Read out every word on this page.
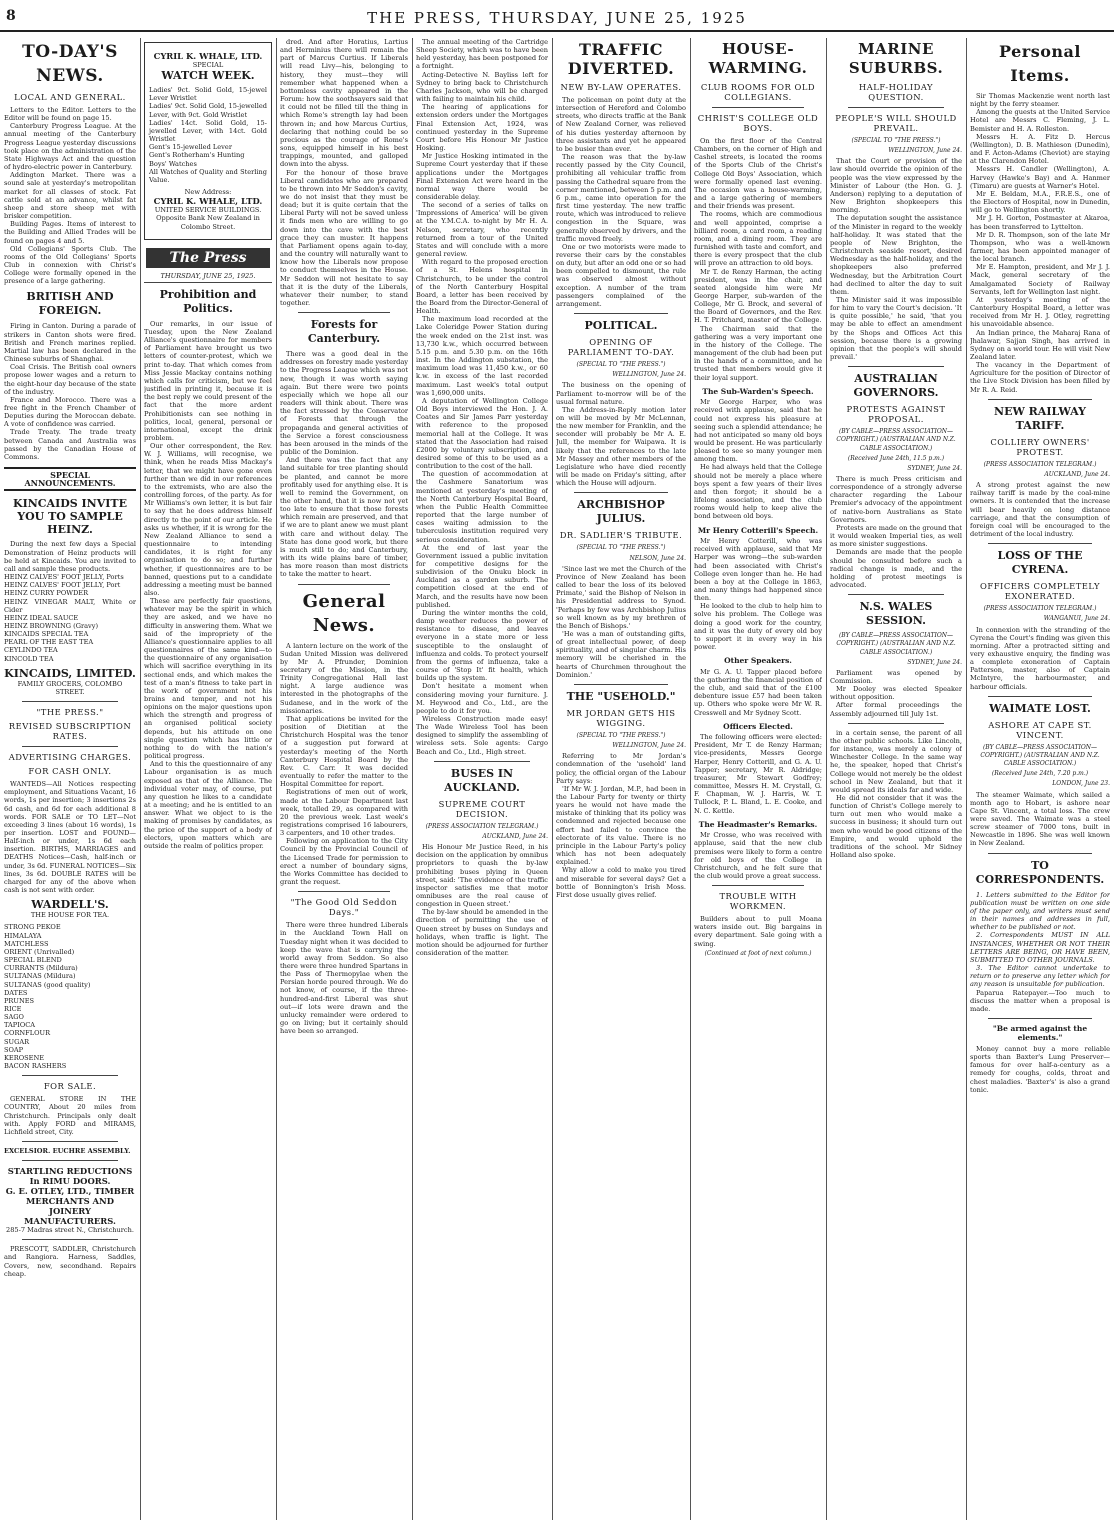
8	THE PRESS, THURSDAY, JUNE 25, 1925
TO-DAY'S NEWS.
LOCAL AND GENERAL.

Letters to the Editor. Letters to the Editor will be found on page 15.

Canterbury Progress League. At the annual meeting of the Canterbury Progress League yesterday discussions took place on the administration of the State Highways Act and the question of hydro-electric power in Canterbury.

Addington Market. There was a sound sale at yesterday's metropolitan market for all classes of stock. Fat cattle sold at an advance, whilst fat sheep and store sheep met with brisker competition.

Building Pages. Items of interest to the Building and Allied Trades will be found on pages 4 and 5.

Old Collegians' Sports Club. The rooms of the Old Collegians' Sports Club in connexion with Christ's College were formally opened in the presence of a large gathering.

BRITISH AND FOREIGN.

Firing in Canton. During a parade of strikers in Canton shots were fired. British and French marines replied. Martial law has been declared in the Chinese suburbs of Shanghai.

Coal Crisis. The British coal owners propose lower wages and a return to the eight-hour day because of the state of the industry.

France and Morocco. There was a free fight in the French Chamber of Deputies during the Moroccan debate. A vote of confidence was carried.

Trade Treaty. The trade treaty between Canada and Australia was passed by the Canadian House of Commons.

SPECIAL ANNOUNCEMENTS.
KINCAIDS INVITE YOU TO SAMPLE HEINZ.

During the next few days a Special Demonstration of Heinz products will be held at Kincaids. You are invited to call and sample these products.

HEINZ CALVES' FOOT JELLY, Ports
HEINZ CALVES' FOOT JELLY, Port
HEINZ CURRY POWDER
HEINZ VINEGAR MALT, White or Cider
HEINZ IDEAL SAUCE
HEINZ BROWNING (Gravy)
KINCAIDS SPECIAL TEA
PEARL OF THE EAST TEA
CEYLINDO TEA
KINCOLD TEA
KINCAIDS, LIMITED.
FAMILY GROCERS, COLOMBO STREET.
"THE PRESS."
REVISED SUBSCRIPTION RATES.
ADVERTISING CHARGES.
FOR CASH ONLY.

WANTEDS—All Notices respecting employment, and Situations Vacant, 16 words, 1s per insertion; 3 insertions 2s 6d cash, and 6d for each additional 8 words. FOR SALE or TO LET—Not exceeding 3 lines (about 16 words), 1s per insertion. LOST and FOUND—Half-inch or under, 1s 6d each insertion. BIRTHS, MARRIAGES and DEATHS Notices—Cash, half-inch or under, 3s 6d. FUNERAL NOTICES—Six lines, 3s 6d. DOUBLE RATES will be charged for any of the above when cash is not sent with order.

WARDELL'S.
THE HOUSE FOR TEA.
STRONG PEKOE
HIMALAYA
MATCHLESS
ORIENT (Unrivalled)
SPECIAL BLEND
CURRANTS (Mildura)
SULTANAS (Mildura)
SULTANAS (good quality)
DATES
PRUNES
RICE
SAGO
TAPIOCA
CORNFLOUR
SUGAR
SOAP
KEROSENE
BACON RASHERS
FOR SALE.

GENERAL STORE IN THE COUNTRY, About 20 miles from Christchurch. Principals only dealt with. Apply FORD and MIRAMS, Lichfield street, City.

EXCELSIOR. EUCHRE ASSEMBLY.
STARTLING REDUCTIONS In RIMU DOORS.
G. E. OTLEY, LTD., TIMBER MERCHANTS AND JOINERY MANUFACTURERS.
285-7 Madras street N., Christchurch.

PRESCOTT, SADDLER, Christchurch and Rangiora. Harness, Saddles, Covers, new, secondhand. Repairs cheap.

CYRIL K. WHALE, LTD.
SPECIAL
WATCH WEEK.
Ladies' 9ct. Solid Gold, 15-jewel Lever Wristlet
Ladies' 9ct. Solid Gold, 15-jewelled Lever, with 9ct. Gold Wristlet
Ladies' 14ct. Solid Gold, 15-jewelled Lever, with 14ct. Gold Wristlet
Gent's 15-jewelled Lever
Gent's Rotherham's Hunting
Boys' Watches
All Watches of Quality and Sterling Value.
New Address:
CYRIL K. WHALE, LTD.
UNITED SERVICE BUILDINGS.
Opposite Bank New Zealand in Colombo Street.
The Press
THURSDAY, JUNE 25, 1925.
Prohibition and Politics.

Our remarks, in our issue of Tuesday, upon the New Zealand Alliance's questionnaire for members of Parliament have brought us two letters of counter-protest, which we print to-day. That which comes from Miss Jessie Mackay contains nothing which calls for criticism, but we feel justified in printing it, because it is the best reply we could present of the fact that the more ardent Prohibitionists can see nothing in politics, local, general, personal or international, except the drink problem.

Our other correspondent, the Rev. W. J. Williams, will recognise, we think, when he reads Miss Mackay's letter, that we might have gone even further than we did in our references to the extremists, who are also the controlling forces, of the party. As for Mr Williams's own letter, it is but fair to say that he does address himself directly to the point of our article. He asks us whether, if it is wrong for the New Zealand Alliance to send a questionnaire to intending candidates, it is right for any organisation to do so; and further whether, if questionnaires are to be banned, questions put to a candidate addressing a meeting must be banned also.

These are perfectly fair questions, whatever may be the spirit in which they are asked, and we have no difficulty in answering them. What we said of the impropriety of the Alliance's questionnaire applies to all questionnaires of the same kind—to the questionnaire of any organisation which will sacrifice everything in its sectional ends, and which makes the test of a man's fitness to take part in the work of government not his brains and temper, and not his opinions on the major questions upon which the strength and progress of an organised political society depends, but his attitude on one single question which has little or nothing to do with the nation's political progress.

And to this the questionnaire of any Labour organisation is as much exposed as that of the Alliance. The individual voter may, of course, put any question he likes to a candidate at a meeting; and he is entitled to an answer. What we object to is the making of promises by candidates, as the price of the support of a body of electors, upon matters which are outside the realm of politics proper.

dred. And after Horatius, Lartius and Herminius there will remain the part of Marcus Curtius. If Liberals will read Livy—his, belonging to history, they must—they will remember what happened when a bottomless cavity appeared in the Forum: how the soothsayers said that it could not be filled till the thing in which Rome's strength lay had been thrown in; and how Marcus Curtius, declaring that nothing could be so precious as the courage of Rome's sons, equipped himself in his best trappings, mounted, and galloped down into the abyss.

For the honour of those brave Liberal candidates who are prepared to be thrown into Mr Seddon's cavity, we do not insist that they must be dead; but it is quite certain that the Liberal Party will not be saved unless it finds men who are willing to go down into the cave with the best grace they can muster. It happens that Parliament opens again to-day, and the country will naturally want to know how the Liberals now propose to conduct themselves in the House. Mr Seddon will not hesitate to say that it is the duty of the Liberals, whatever their number, to stand together.

Forests for Canterbury.

There was a good deal in the addresses on forestry made yesterday to the Progress League which was not new, though it was worth saying again. But there were two points especially which we hope all our readers will think about. There was the fact stressed by the Conservator of Forests that through the propaganda and general activities of the Service a forest consciousness has been aroused in the minds of the public of the Dominion.

And there was the fact that any land suitable for tree planting should be planted, and cannot be more profitably used for anything else. It is well to remind the Government, on the other hand, that it is now not yet too late to ensure that those forests which remain are preserved, and that if we are to plant anew we must plant with care and without delay. The State has done good work, but there is much still to do; and Canterbury, with its wide plains bare of timber, has more reason than most districts to take the matter to heart.

General News.

A lantern lecture on the work of the Sudan United Mission was delivered by Mr A. Pfrunder, Dominion secretary of the Mission, in the Trinity Congregational Hall last night. A large audience was interested in the photographs of the Sudanese, and in the work of the missionaries.

That applications be invited for the position of Dietitian at the Christchurch Hospital was the tenor of a suggestion put forward at yesterday's meeting of the North Canterbury Hospital Board by the Rev. C. Carr. It was decided eventually to refer the matter to the Hospital Committee for report.

Registrations of men out of work, made at the Labour Department last week, totalled 29, as compared with 20 the previous week. Last week's registrations comprised 16 labourers, 3 carpenters, and 10 other trades.

Following on application to the City Council by the Provincial Council of the Licensed Trade for permission to erect a number of boundary signs, the Works Committee has decided to grant the request.

"The Good Old Seddon Days."

There were three hundred Liberals in the Auckland Town Hall on Tuesday night when it was decided to keep the wave that is carrying the world away from Seddon. So also there were three hundred Spartans in the Pass of Thermopylae when the Persian horde poured through. We do not know, of course, if the three-hundred-and-first Liberal was shut out—if lots were drawn and the unlucky remainder were ordered to go on living; but it certainly should have been so arranged.

The annual meeting of the Cartridge Sheep Society, which was to have been held yesterday, has been postponed for a fortnight.

Acting-Detective N. Bayliss left for Sydney to bring back to Christchurch Charles Jackson, who will be charged with failing to maintain his child.

The hearing of applications for extension orders under the Mortgages Final Extension Act, 1924, was continued yesterday in the Supreme Court before His Honour Mr Justice Hosking.

Mr Justice Hosking intimated in the Supreme Court yesterday that if these applications under the Mortgages Final Extension Act were heard in the normal way there would be considerable delay.

The second of a series of talks on 'Impressions of America' will be given at the Y.M.C.A. to-night by Mr H. A. Nelson, secretary, who recently returned from a tour of the United States and will conclude with a more general review.

With regard to the proposed erection of a St. Helens hospital in Christchurch, to be under the control of the North Canterbury Hospital Board, a letter has been received by the Board from the Director-General of Health.

The maximum load recorded at the Lake Coleridge Power Station during the week ended on the 21st inst. was 13,730 k.w., which occurred between 5.15 p.m. and 5.30 p.m. on the 16th inst. In the Addington substation, the maximum load was 11,450 k.w., or 60 k.w. in excess of the last recorded maximum. Last week's total output was 1,690,000 units.

A deputation of Wellington College Old Boys interviewed the Hon. J. A. Coates and Sir James Parr yesterday with reference to the proposed memorial hall at the College. It was stated that the Association had raised £2000 by voluntary subscription, and desired some of this to be used as a contribution to the cost of the hall.

The question of accommodation at the Cashmere Sanatorium was mentioned at yesterday's meeting of the North Canterbury Hospital Board, when the Public Health Committee reported that the large number of cases waiting admission to the tuberculosis institution required very serious consideration.

At the end of last year the Government issued a public invitation for competitive designs for the subdivision of the Onuku block in Auckland as a garden suburb. The competition closed at the end of March, and the results have now been published.

During the winter months the cold, damp weather reduces the power of resistance to disease, and leaves everyone in a state more or less susceptible to the onslaught of influenza and colds. To protect yourself from the germs of influenza, take a course of 'Stop It' fit health, which builds up the system.

Don't hesitate a moment when considering moving your furniture. J. M. Heywood and Co., Ltd., are the people to do it for you.

Wireless Construction made easy! The Wade Wireless Tool has been designed to simplify the assembling of wireless sets. Sole agents: Cargo Beach and Co., Ltd., High street.

BUSES IN AUCKLAND.
SUPREME COURT DECISION.
(PRESS ASSOCIATION TELEGRAM.)
AUCKLAND, June 24.

His Honour Mr Justice Reed, in his decision on the application by omnibus proprietors to quash the by-law prohibiting buses plying in Queen street, said: 'The evidence of the traffic inspector satisfies me that motor omnibuses are the real cause of congestion in Queen street.'

The by-law should be amended in the direction of permitting the use of Queen street by buses on Sundays and holidays, when traffic is light. The motion should be adjourned for further consideration of the matter.

TRAFFIC DIVERTED.
NEW BY-LAW OPERATES.

The policeman on point duty at the intersection of Hereford and Colombo streets, who directs traffic at the Bank of New Zealand Corner, was relieved of his duties yesterday afternoon by three assistants and yet he appeared to be busier than ever.

The reason was that the by-law recently passed by the City Council, prohibiting all vehicular traffic from passing the Cathedral square from the corner mentioned, between 5 p.m. and 6 p.m., came into operation for the first time yesterday. The new traffic route, which was introduced to relieve congestion in the Square, was generally observed by drivers, and the traffic moved freely.

One or two motorists were made to reverse their cars by the constables on duty, but after an odd one or so had been compelled to dismount, the rule was observed almost without exception. A number of the tram passengers complained of the arrangement.

POLITICAL.
OPENING OF PARLIAMENT TO-DAY.
(SPECIAL TO "THE PRESS.")
WELLINGTON, June 24.

The business on the opening of Parliament to-morrow will be of the usual formal nature.

The Address-in-Reply motion later on will be moved by Mr McLennan, the new member for Franklin, and the seconder will probably be Mr A. E. Jull, the member for Waipawa. It is likely that the references to the late Mr Massey and other members of the Legislature who have died recently will be made on Friday's sitting, after which the House will adjourn.

ARCHBISHOP JULIUS.
DR. SADLIER'S TRIBUTE.
(SPECIAL TO "THE PRESS.")
NELSON, June 24.

'Since last we met the Church of the Province of New Zealand has been called to bear the loss of its beloved Primate,' said the Bishop of Nelson in his Presidential address to Synod. 'Perhaps by few was Archbishop Julius so well known as by my brethren of the Bench of Bishops.'

'He was a man of outstanding gifts, of great intellectual power, of deep spirituality, and of singular charm. His memory will be cherished in the hearts of Churchmen throughout the Dominion.'

THE "USEHOLD."
MR JORDAN GETS HIS WIGGING.
(SPECIAL TO "THE PRESS.")
WELLINGTON, June 24.

Referring to Mr Jordan's condemnation of the 'usehold' land policy, the official organ of the Labour Party says:

'If Mr W. J. Jordan, M.P., had been in the Labour Party for twenty or thirty years he would not have made the mistake of thinking that its policy was condemned and rejected because one effort had failed to convince the electorate of its value. There is no principle in the Labour Party's policy which has not been adequately explained.'

Why allow a cold to make you tired and miserable for several days? Get a bottle of Bonnington's Irish Moss. First dose usually gives relief.

HOUSE-WARMING.
CLUB ROOMS FOR OLD COLLEGIANS.
CHRIST'S COLLEGE OLD BOYS.

On the first floor of the Central Chambers, on the corner of High and Cashel streets, is located the rooms of the Sports Club of the Christ's College Old Boys' Association, which were formally opened last evening. The occasion was a house-warming, and a large gathering of members and their friends was present.

The rooms, which are commodious and well appointed, comprise a billiard room, a card room, a reading room, and a dining room. They are furnished with taste and comfort, and there is every prospect that the club will prove an attraction to old boys.

Mr T. de Renzy Harman, the acting president, was in the chair, and seated alongside him were Mr George Harper, sub-warden of the College, Mr G. Brock, and several of the Board of Governors, and the Rev. H. T. Pritchard, master of the College.

The Chairman said that the gathering was a very important one in the history of the College. The management of the club had been put in the hands of a committee, and he trusted that members would give it their loyal support.

The Sub-Warden's Speech.

Mr George Harper, who was received with applause, said that he could not express his pleasure at seeing such a splendid attendance; he had not anticipated so many old boys would be present. He was particularly pleased to see so many younger men among them.

He had always held that the College should not be merely a place where boys spent a few years of their lives and then forgot; it should be a lifelong association, and the club rooms would help to keep alive the bond between old boys.

Mr Henry Cotterill's Speech.

Mr Henry Cotterill, who was received with applause, said that Mr Harper was wrong—the sub-warden had been associated with Christ's College even longer than he. He had been a boy at the College in 1863, and many things had happened since then.

He looked to the club to help him to solve his problem. The College was doing a good work for the country, and it was the duty of every old boy to support it in every way in his power.

Other Speakers.

Mr G. A. U. Tapper placed before the gathering the financial position of the club, and said that of the £100 debenture issue £57 had been taken up. Others who spoke were Mr W. R. Cresswell and Mr Sydney Scott.

Officers Elected.

The following officers were elected: President, Mr T. de Renzy Harman; vice-presidents, Messrs George Harper, Henry Cotterill, and G. A. U. Tapper; secretary, Mr R. Aldridge; treasurer, Mr Stewart Godfrey; committee, Messrs H. M. Crystall, G. F. Chapman, W. J. Harris, W. T. Tullock, P. L. Bland, L. E. Cooke, and N. C. Kettle.

The Headmaster's Remarks.

Mr Crosse, who was received with applause, said that the new club premises were likely to form a centre for old boys of the College in Christchurch, and he felt sure that the club would prove a great success.

TROUBLE WITH WORKMEN.

Builders about to pull Moana waters inside out. Big bargains in every department. Sale going with a swing.

(Continued at foot of next column.)
MARINE SUBURBS.
HALF-HOLIDAY QUESTION.
PEOPLE'S WILL SHOULD PREVAIL.
(SPECIAL TO "THE PRESS.")
WELLINGTON, June 24.

That the Court or provision of the law should override the opinion of the people was the view expressed by the Minister of Labour (the Hon. G. J. Anderson) replying to a deputation of New Brighton shopkeepers this morning.

The deputation sought the assistance of the Minister in regard to the weekly half-holiday. It was stated that the people of New Brighton, the Christchurch seaside resort, desired Wednesday as the half-holiday, and the shopkeepers also preferred Wednesday, but the Arbitration Court had declined to alter the day to suit them.

The Minister said it was impossible for him to vary the Court's decision. 'It is quite possible,' he said, 'that you may be able to effect an amendment by the Shops and Offices Act this session, because there is a growing opinion that the people's will should prevail.'

AUSTRALIAN GOVERNORS.
PROTESTS AGAINST PROPOSAL.
(BY CABLE—PRESS ASSOCIATION—COPYRIGHT.) (AUSTRALIAN AND N.Z. CABLE ASSOCIATION.)
(Received June 24th, 11.5 p.m.)
SYDNEY, June 24.

There is much Press criticism and correspondence of a strongly adverse character regarding the Labour Premier's advocacy of the appointment of native-born Australians as State Governors.

Protests are made on the ground that it would weaken Imperial ties, as well as more sinister suggestions.

Demands are made that the people should be consulted before such a radical change is made, and the holding of protest meetings is advocated.

N.S. WALES SESSION.
(BY CABLE—PRESS ASSOCIATION—COPYRIGHT.) (AUSTRALIAN AND N.Z. CABLE ASSOCIATION.)
SYDNEY, June 24.

Parliament was opened by Commission.

Mr Dooley was elected Speaker without opposition.

After formal proceedings the Assembly adjourned till July 1st.

in a certain sense, the parent of all the other public schools. Like Lincoln, for instance, was merely a colony of Winchester College. In the same way he, the speaker, hoped that Christ's College would not merely be the oldest school in New Zealand, but that it would spread its ideals far and wide.

He did not consider that it was the function of Christ's College merely to turn out men who would make a success in business; it should turn out men who would be good citizens of the Empire, and would uphold the traditions of the school. Mr Sidney Holland also spoke.

Personal Items.

Sir Thomas Mackenzie went north last night by the ferry steamer.

Among the guests at the United Service Hotel are Messrs C. Fleming, J. L. Bemister and H. A. Rolleston.

Messrs H. A. Fitz D. Hercus (Wellington), D. B. Mathieson (Dunedin), and F. Acton-Adams (Cheviot) are staying at the Clarendon Hotel.

Messrs H. Candler (Wellington), A. Harvey (Hawke's Bay) and A. Hanmer (Timaru) are guests at Warner's Hotel.

Mr E. Beldam, M.A., F.R.E.S., one of the Electors of Hospital, now in Dunedin, will go to Wellington shortly.

Mr J. H. Gorton, Postmaster at Akaroa, has been transferred to Lyttelton.

Mr D. R. Thompson, son of the late Mr Thompson, who was a well-known farmer, has been appointed manager of the local branch.

Mr E. Hampton, president, and Mr J. J. Mack, general secretary of the Amalgamated Society of Railway Servants, left for Wellington last night.

At yesterday's meeting of the Canterbury Hospital Board, a letter was received from Mr H. J. Otley, regretting his unavoidable absence.

An Indian prince, the Maharaj Rana of Jhalawar, Sajjan Singh, has arrived in Sydney on a world tour. He will visit New Zealand later.

The vacancy in the Department of Agriculture for the position of Director of the Live Stock Division has been filled by Mr R. A. Reid.

NEW RAILWAY TARIFF.
COLLIERY OWNERS' PROTEST.
(PRESS ASSOCIATION TELEGRAM.)
AUCKLAND, June 24.

A strong protest against the new railway tariff is made by the coal-mine owners. It is contended that the increase will bear heavily on long distance carriage, and that the consumption of foreign coal will be encouraged to the detriment of the local industry.

LOSS OF THE CYRENA.
OFFICERS COMPLETELY EXONERATED.
(PRESS ASSOCIATION TELEGRAM.)
WANGANUI, June 24.

In connexion with the stranding of the Cyrena the Court's finding was given this morning. After a protracted sitting and very exhaustive enquiry, the finding was a complete exoneration of Captain Patterson, master, also of Captain McIntyre, the harbourmaster, and harbour officials.

WAIMATE LOST.
ASHORE AT CAPE ST. VINCENT.
(BY CABLE—PRESS ASSOCIATION—COPYRIGHT.) (AUSTRALIAN AND N.Z. CABLE ASSOCIATION.)
(Received June 24th, 7.20 p.m.)
LONDON, June 23.

The steamer Waimate, which sailed a month ago to Hobart, is ashore near Cape St. Vincent, a total loss. The crew were saved. The Waimate was a steel screw steamer of 7000 tons, built in Newcastle in 1896. She was well known in New Zealand.

TO CORRESPONDENTS.

1. Letters submitted to the Editor for publication must be written on one side of the paper only, and writers must send in their names and addresses in full, whether to be published or not.

2. Correspondents MUST IN ALL INSTANCES, WHETHER OR NOT THEIR LETTERS ARE BEING, OR HAVE BEEN, SUBMITTED TO OTHER JOURNALS.

3. The Editor cannot undertake to return or to preserve any letter which for any reason is unsuitable for publication.

Paparua Ratepayer.—Too much to discuss the matter when a proposal is made.

"Be armed against the elements."

Money cannot buy a more reliable sports than Baxter's Lung Preserver—famous for over half-a-century as a remedy for coughs, colds, throat and chest maladies. 'Baxter's' is also a grand tonic.
